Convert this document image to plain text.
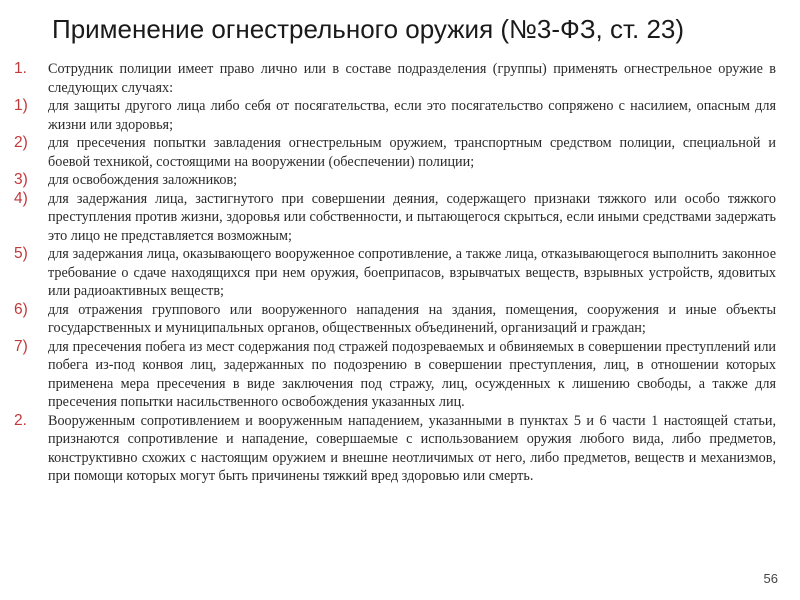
Применение огнестрельного оружия (№3-ФЗ, ст. 23)
1.	Сотрудник полиции имеет право лично или в составе подразделения (группы) применять огнестрельное оружие в следующих случаях:
1)	для защиты другого лица либо себя от посягательства, если это посягательство сопряжено с насилием, опасным для жизни или здоровья;
2)	для пресечения попытки завладения огнестрельным оружием, транспортным средством полиции, специальной и боевой техникой, состоящими на вооружении (обеспечении) полиции;
3)	для освобождения заложников;
4)	для задержания лица, застигнутого при совершении деяния, содержащего признаки тяжкого или особо тяжкого преступления против жизни, здоровья или собственности, и пытающегося скрыться, если иными средствами задержать это лицо не представляется возможным;
5)	для задержания лица, оказывающего вооруженное сопротивление, а также лица, отказывающегося выполнить законное требование о сдаче находящихся при нем оружия, боеприпасов, взрывчатых веществ, взрывных устройств, ядовитых или радиоактивных веществ;
6)	для отражения группового или вооруженного нападения на здания, помещения, сооружения и иные объекты государственных и муниципальных органов, общественных объединений, организаций и граждан;
7)	для пресечения побега из мест содержания под стражей подозреваемых и обвиняемых в совершении преступлений или побега из-под конвоя лиц, задержанных по подозрению в совершении преступления, лиц, в отношении которых применена мера пресечения в виде заключения под стражу, лиц, осужденных к лишению свободы, а также для пресечения попытки насильственного освобождения указанных лиц.
2.	Вооруженным сопротивлением и вооруженным нападением, указанными в пунктах 5 и 6 части 1 настоящей статьи, признаются сопротивление и нападение, совершаемые с использованием оружия любого вида, либо предметов, конструктивно схожих с настоящим оружием и внешне неотличимых от него, либо предметов, веществ и механизмов, при помощи которых могут быть причинены тяжкий вред здоровью или смерть.
56
